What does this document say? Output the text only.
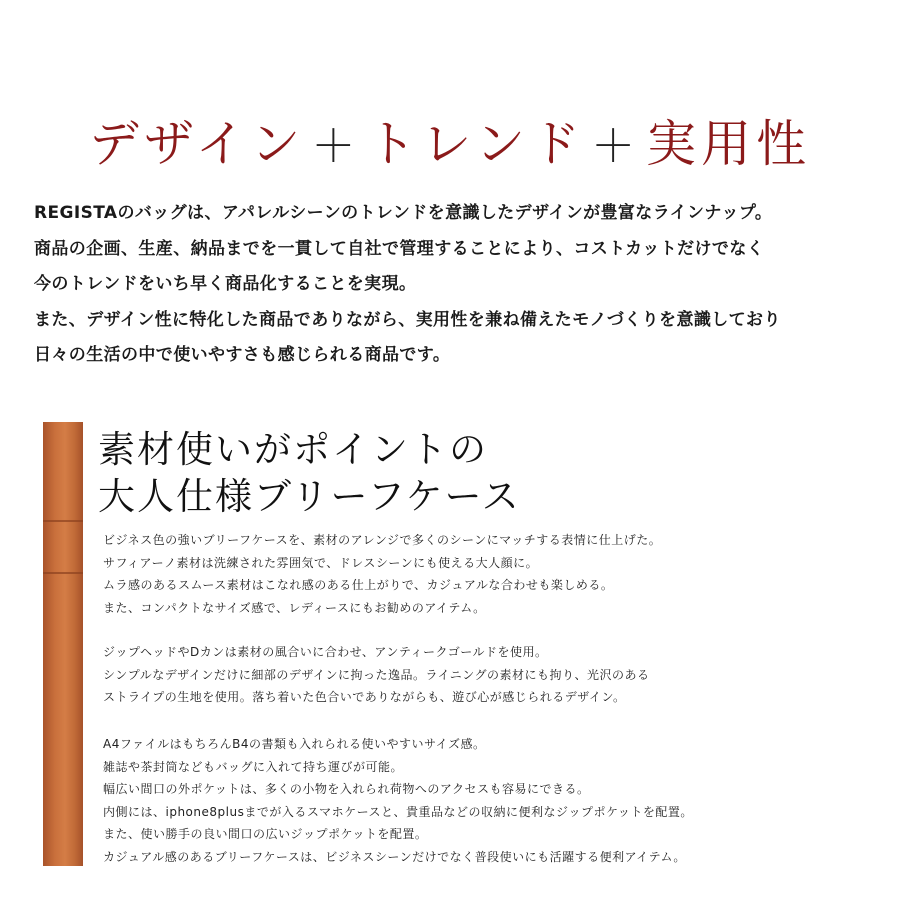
デザイン ＋ トレンド ＋ 実用性
REGISTAのバッグは、アパレルシーンのトレンドを意識したデザインが豊富なラインナップ。
商品の企画、生産、納品までを一貫して自社で管理することにより、コストカットだけでなく
今のトレンドをいち早く商品化することを実現。
また、デザイン性に特化した商品でありながら、実用性を兼ね備えたモノづくりを意識しており
日々の生活の中で使いやすさも感じられる商品です。
素材使いがポイントの
大人仕様ブリーフケース
ビジネス色の強いブリーフケースを、素材のアレンジで多くのシーンにマッチする表情に仕上げた。
サフィアーノ素材は洗練された雰囲気で、ドレスシーンにも使える大人顔に。
ムラ感のあるスムース素材はこなれ感のある仕上がりで、カジュアルな合わせも楽しめる。
また、コンパクトなサイズ感で、レディースにもお勧めのアイテム。
ジップヘッドやDカンは素材の風合いに合わせ、アンティークゴールドを使用。
シンプルなデザインだけに細部のデザインに拘った逸品。ライニングの素材にも拘り、光沢のある
ストライプの生地を使用。落ち着いた色合いでありながらも、遊び心が感じられるデザイン。
A4ファイルはもちろんB4の書類も入れられる使いやすいサイズ感。
雑誌や茶封筒などもバッグに入れて持ち運びが可能。
幅広い間口の外ポケットは、多くの小物を入れられ荷物へのアクセスも容易にできる。
内側には、iphone8plusまでが入るスマホケースと、貴重品などの収納に便利なジップポケットを配置。
また、使い勝手の良い間口の広いジップポケットを配置。
カジュアル感のあるブリーフケースは、ビジネスシーンだけでなく普段使いにも活躍する便利アイテム。
